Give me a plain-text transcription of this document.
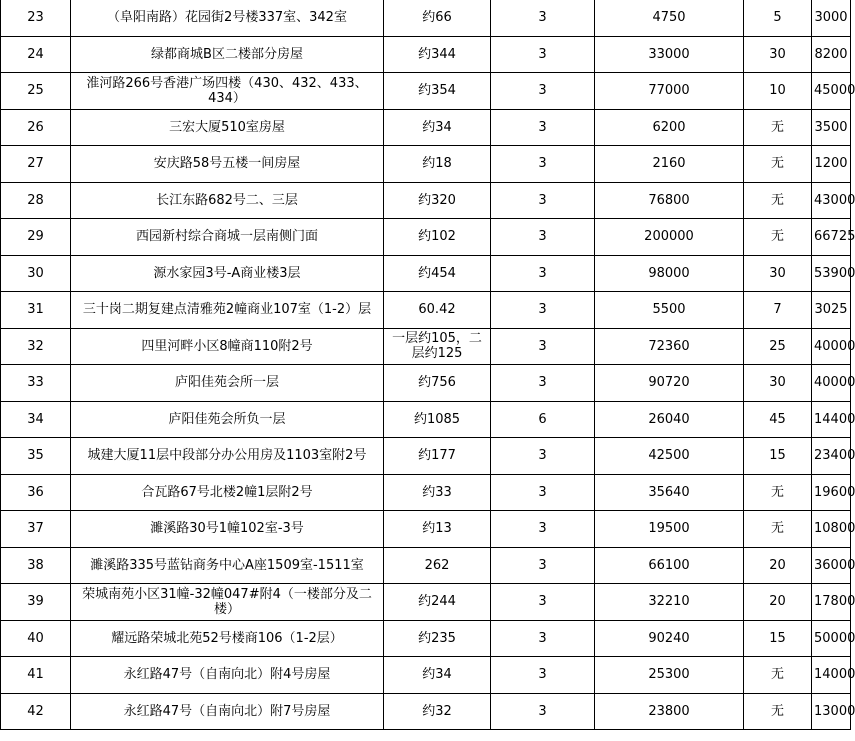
23	（阜阳南路）花园街2号楼337室、342室	约66	3	4750	5	3000
24	绿都商城B区二楼部分房屋	约344	3	33000	30	8200
25	淮河路266号香港广场四楼（430、432、433、434）	约354	3	77000	10	45000
26	三宏大厦510室房屋	约34	3	6200	无	3500
27	安庆路58号五楼一间房屋	约18	3	2160	无	1200
28	长江东路682号二、三层	约320	3	76800	无	43000
29	西园新村综合商城一层南侧门面	约102	3	200000	无	66725
30	源水家园3号-A商业楼3层	约454	3	98000	30	53900
31	三十岗二期复建点清雅苑2幢商业107室（1-2）层	60.42	3	5500	7	3025
32	四里河畔小区8幢商110附2号	一层约105，二层约125	3	72360	25	40000
33	庐阳佳苑会所一层	约756	3	90720	30	40000
34	庐阳佳苑会所负一层	约1085	6	26040	45	14400
35	城建大厦11层中段部分办公用房及1103室附2号	约177	3	42500	15	23400
36	合瓦路67号北楼2幢1层附2号	约33	3	35640	无	19600
37	濉溪路30号1幢102室-3号	约13	3	19500	无	10800
38	濉溪路335号蓝钻商务中心A座1509室-1511室	262	3	66100	20	36000
39	荣城南苑小区31幢-32幢047#附4（一楼部分及二楼）	约244	3	32210	20	17800
40	耀远路荣城北苑52号楼商106（1-2层）	约235	3	90240	15	50000
41	永红路47号（自南向北）附4号房屋	约34	3	25300	无	14000
42	永红路47号（自南向北）附7号房屋	约32	3	23800	无	13000
